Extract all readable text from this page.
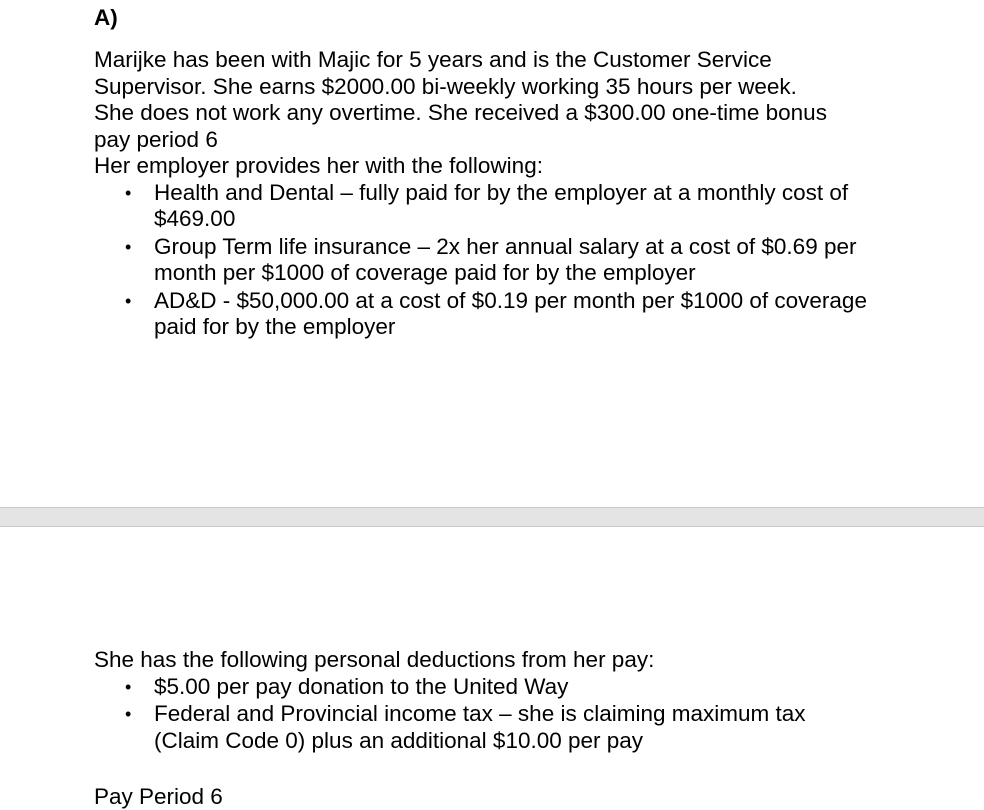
A)

Marijke has been with Majic for 5 years and is the Customer Service Supervisor. She earns $2000.00 bi-weekly working 35 hours per week.

She does not work any overtime. She received a $300.00 one-time bonus pay period 6

Her employer provides her with the following:

• Health and Dental – fully paid for by the employer at a monthly cost of $469.00
• Group Term life insurance – 2x her annual salary at a cost of $0.69 per month per $1000 of coverage paid for by the employer
• AD&D - $50,000.00 at a cost of $0.19 per month per $1000 of coverage paid for by the employer

She has the following personal deductions from her pay:

• $5.00 per pay donation to the United Way
• Federal and Provincial income tax – she is claiming maximum tax (Claim Code 0) plus an additional $10.00 per pay
Pay Period 6
